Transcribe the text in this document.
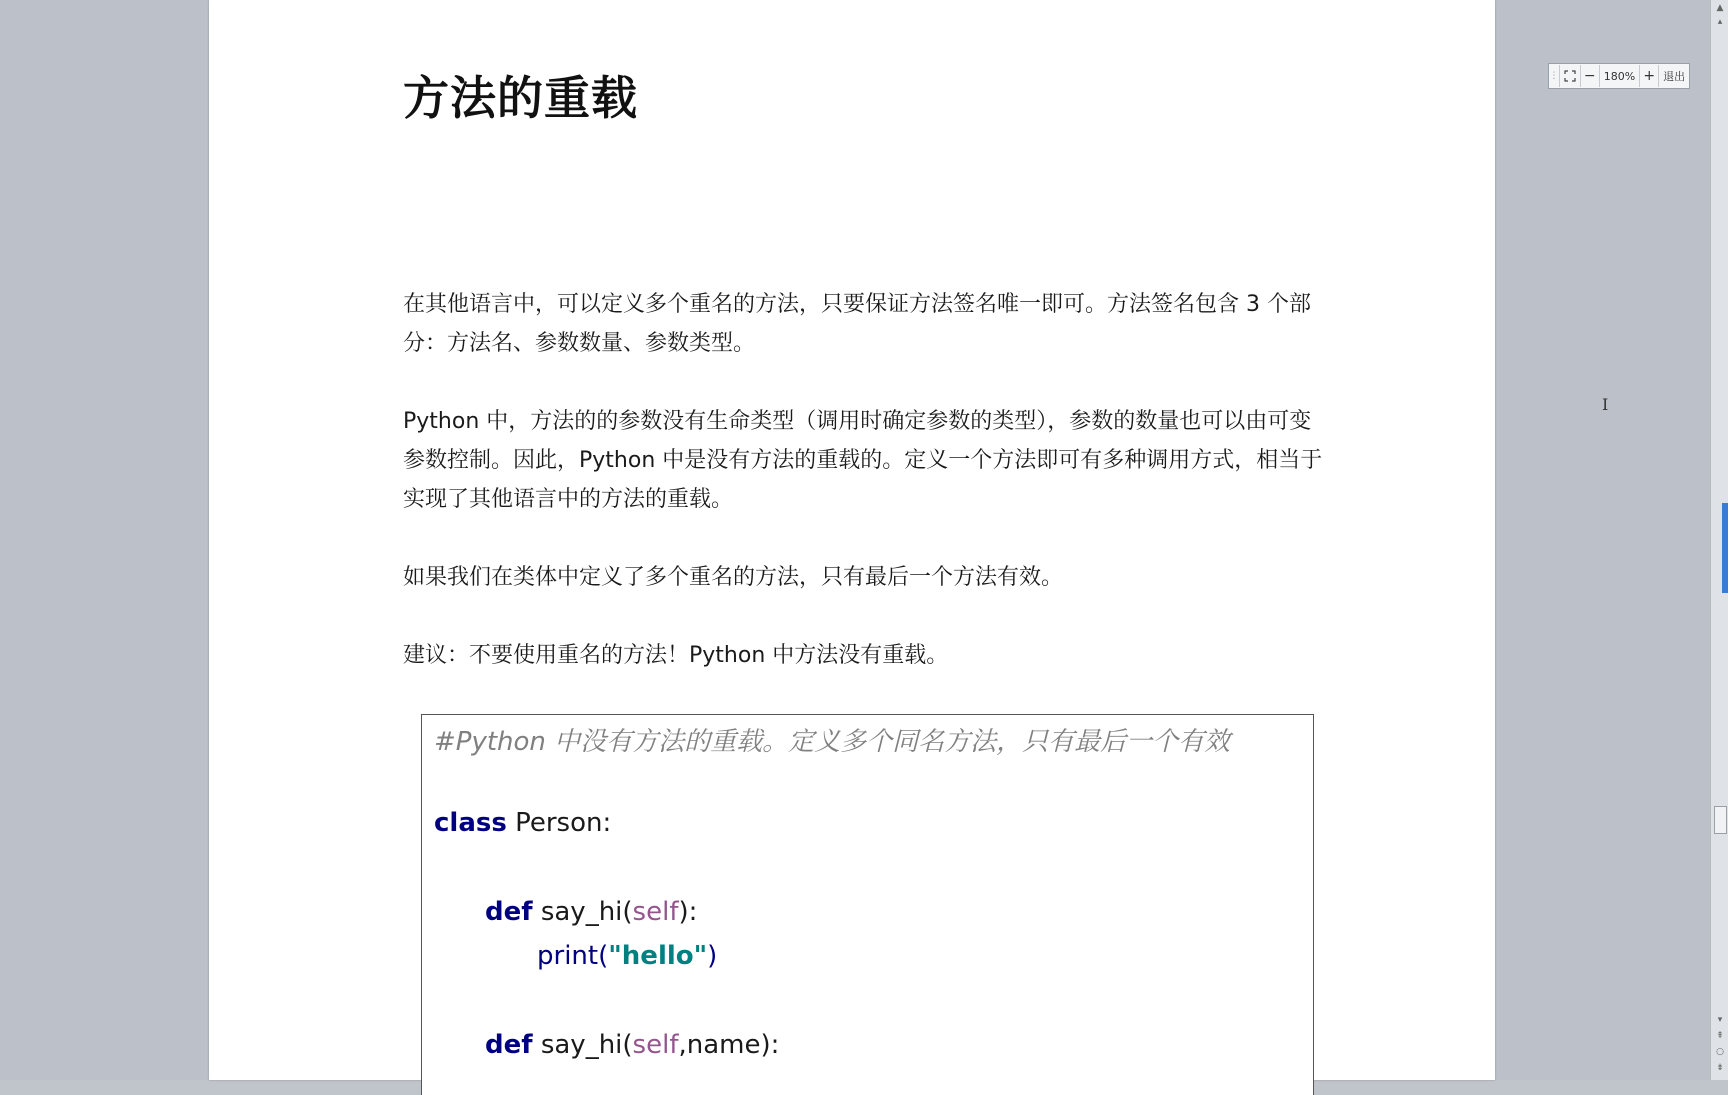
方法的重载
在其他语言中，可以定义多个重名的方法，只要保证方法签名唯一即可。方法签名包含 3 个部分：方法名、参数数量、参数类型。
Python 中，方法的的参数没有生命类型（调用时确定参数的类型），参数的数量也可以由可变参数控制。因此，Python 中是没有方法的重载的。定义一个方法即可有多种调用方式，相当于实现了其他语言中的方法的重载。
如果我们在类体中定义了多个重名的方法，只有最后一个方法有效。
建议：不要使用重名的方法！Python 中方法没有重载。
#Python 中没有方法的重载。定义多个同名方法，只有最后一个有效
class Person:
def say_hi(self):
print("hello")
def say_hi(self,name):
I
⋮ − 180% + 退出
▲
▴
▾
⇞
○
⇟
